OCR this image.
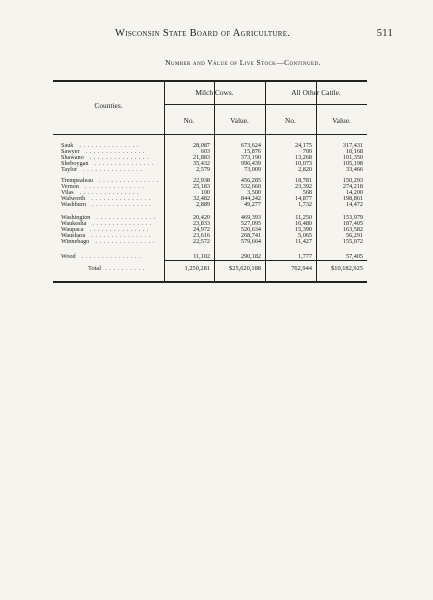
Wisconsin State Board of Agriculture.	511
Number and Value of Live Stock—Continued.
Counties.
Milch Cows.	All Other Cattle.
No.	Value.	No.	Value.
Sauk . . . . . . . . . . . . . . .	28,087	673,624	24,175	317,431
Sawyer . . . . . . . . . . . . . . .	603	15,876	700	10,168
Shawano . . . . . . . . . . . . . . .	21,883	373,190	13,268	101,350
Sheboygan . . . . . . . . . . . . . . .	35,432	996,439	10,073	105,198
Taylor . . . . . . . . . . . . . . .	2,579	73,009	2,820	33,466
Trempealeau . . . . . . . . . . . . . . .	22,938	456,285	18,781	150,293
Vernon . . . . . . . . . . . . . . .	25,183	532,660	23,392	274,218
Vilas . . . . . . . . . . . . . . .	100	3,500	568	14,200
Walworth . . . . . . . . . . . . . . .	32,482	844,242	14,877	198,861
Washburn . . . . . . . . . . . . . . .	2,889	49,277	1,732	14,472
Washington . . . . . . . . . . . . . . .	20,420	469,393	11,250	153,979
Waukesha . . . . . . . . . . . . . . .	23,833	527,095	16,480	187,405
Waupaca . . . . . . . . . . . . . . .	24,972	520,634	15,390	163,582
Waushara . . . . . . . . . . . . . . .	23,616	268,741	5,065	56,291
Winnebago . . . . . . . . . . . . . . .	22,572	579,664	11,427	155,072
Wood . . . . . . . . . . . . . . .	11,102	290,182	1,777	57,405
Total . . . . . . . . . .	1,250,281	$25,620,188	762,944	$10,182,925
